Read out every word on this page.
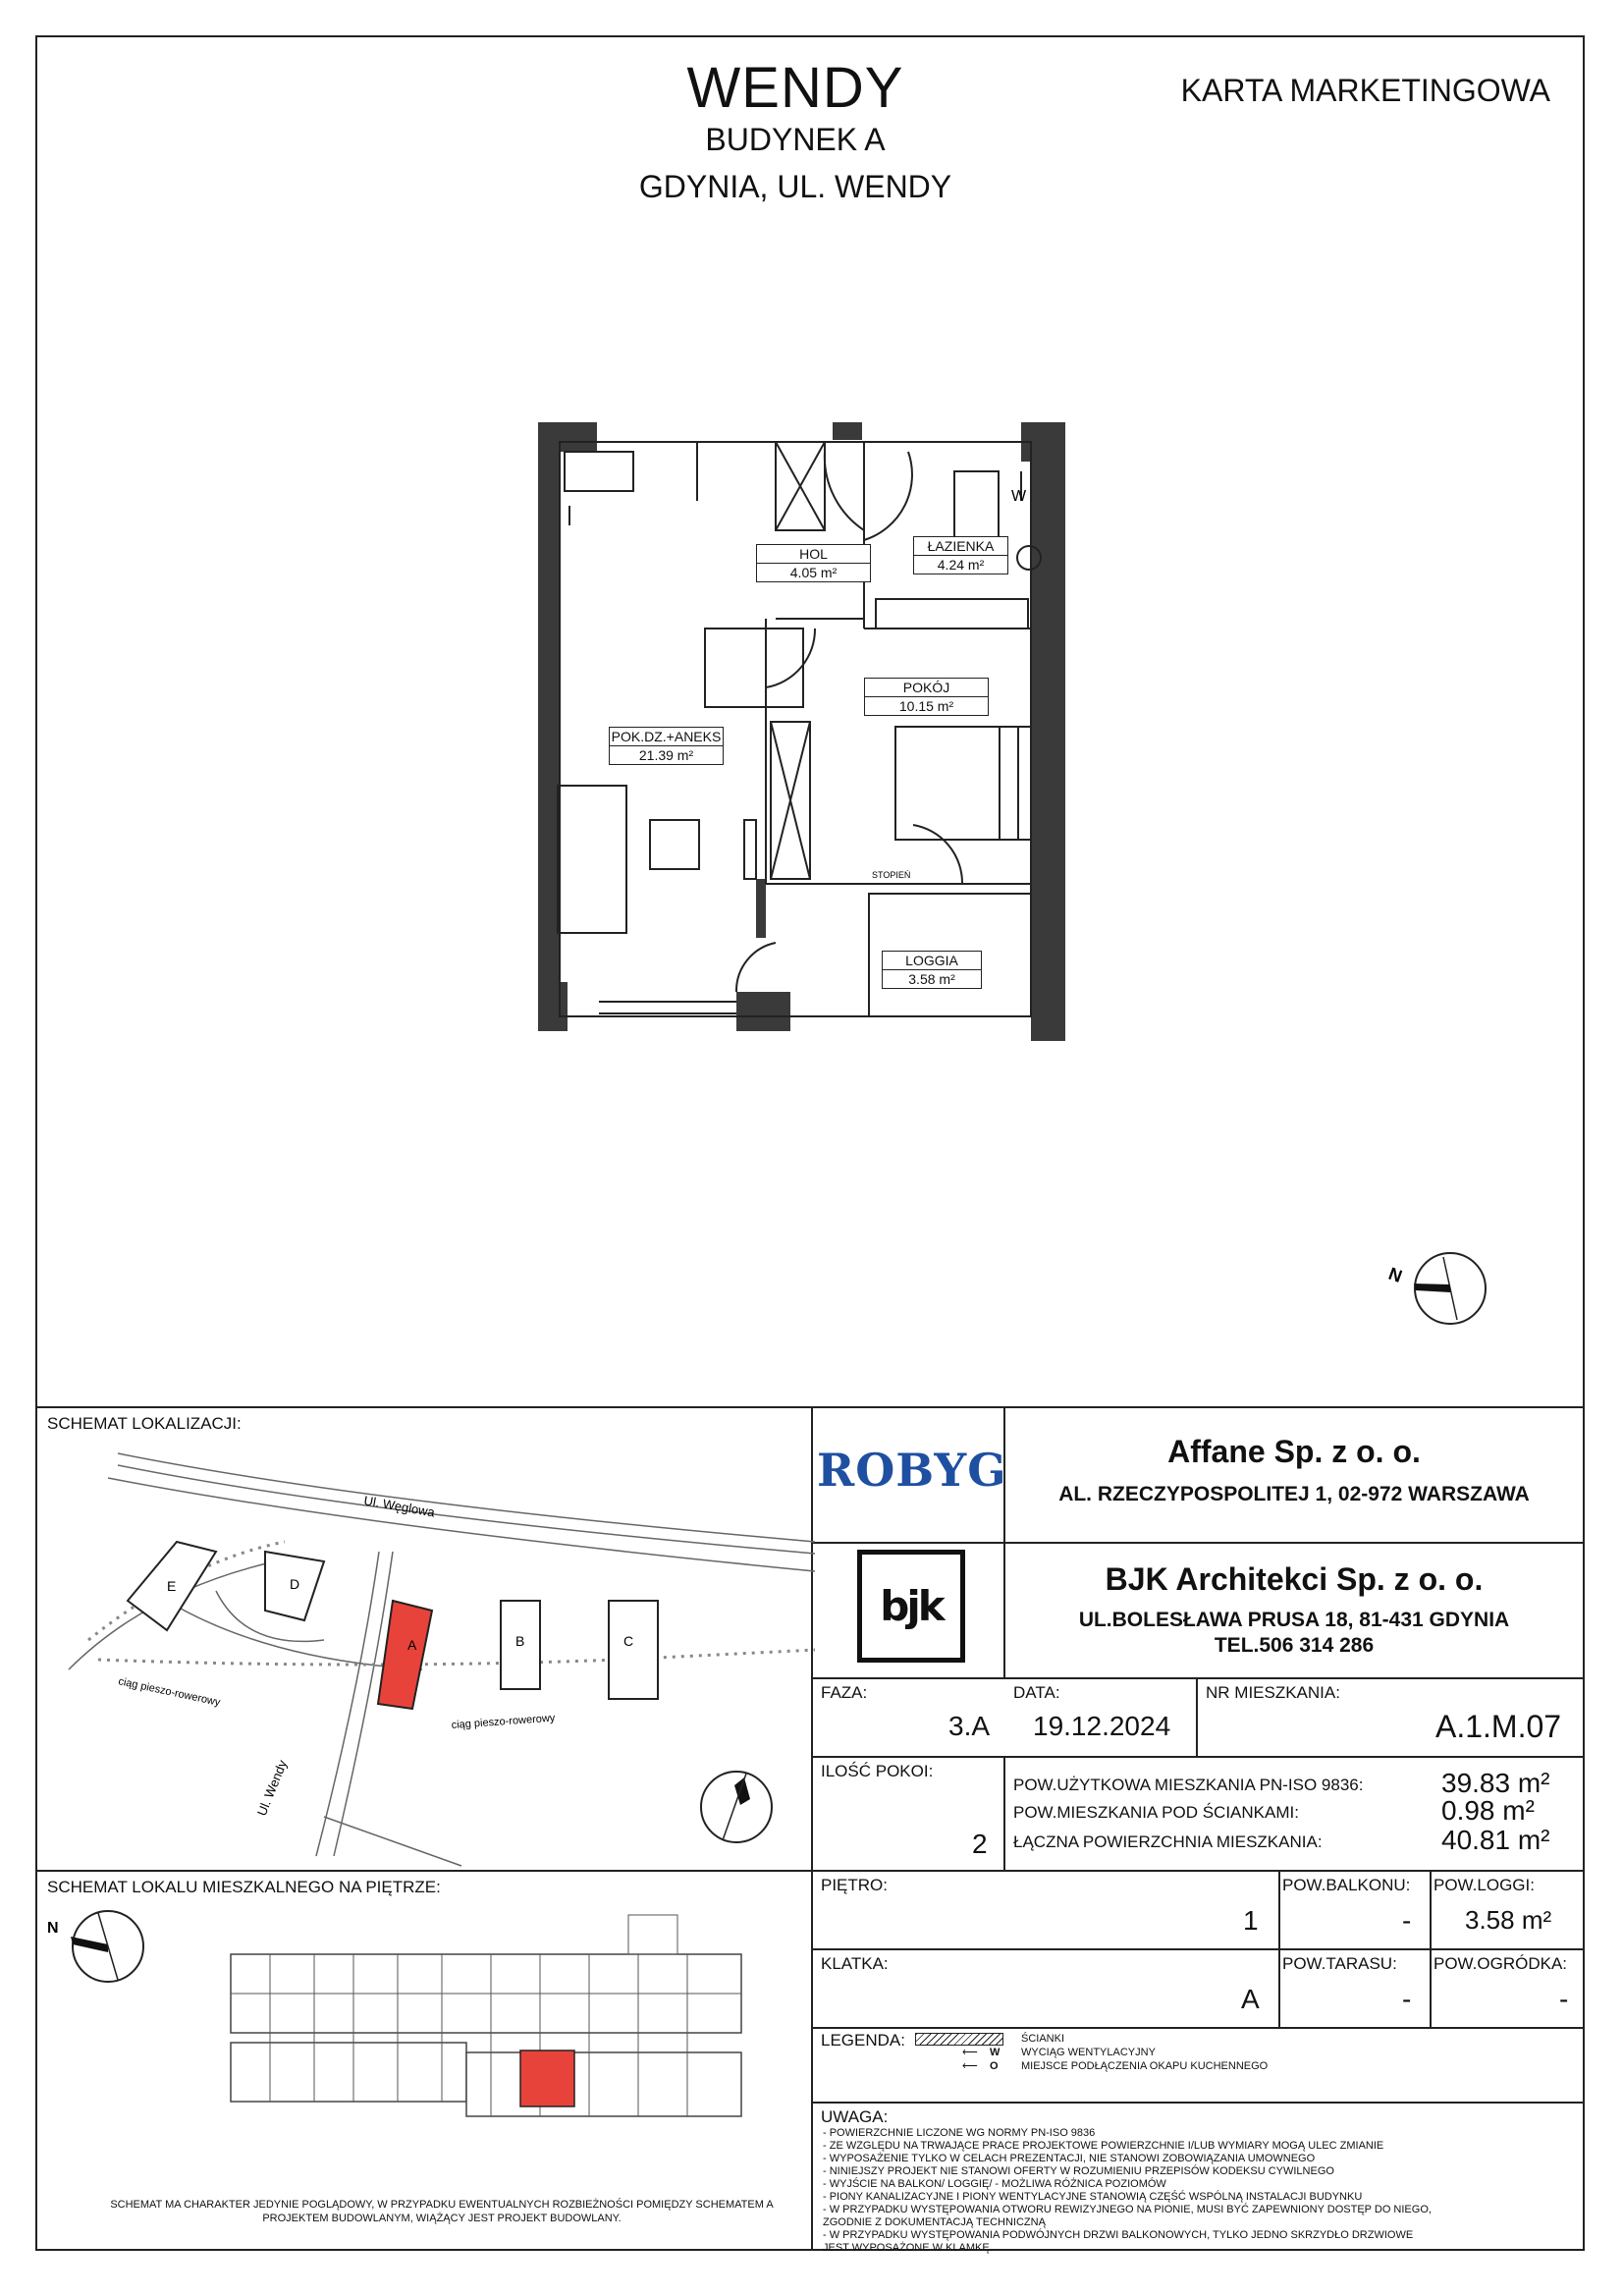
WENDY
BUDYNEK A
GDYNIA, UL. WENDY
KARTA MARKETINGOWA
W
STOPIEŃ
HOL
4.05 m²
ŁAZIENKA
4.24 m²
POKÓJ
10.15 m²
POK.DZ.+ANEKS
21.39 m²
LOGGIA
3.58 m²
N
SCHEMAT LOKALIZACJI:
E	D
A	B	C
Ul. Węglowa
Ul. Wendy
ciąg pieszo-rowerowy
ciąg pieszo-rowerowy
SCHEMAT LOKALU MIESZKALNEGO NA PIĘTRZE:
N
SCHEMAT MA CHARAKTER JEDYNIE POGLĄDOWY, W PRZYPADKU EWENTUALNYCH ROZBIEŻNOŚCI POMIĘDZY SCHEMATEM A PROJEKTEM BUDOWLANYM, WIĄŻĄCY JEST PROJEKT BUDOWLANY.
ROBYG	Affane Sp. z o. o.
AL. RZECZYPOSPOLITEJ 1, 02-972 WARSZAWA
bjk
BJK Architekci Sp. z o. o.
UL.BOLESŁAWA PRUSA 18, 81-431 GDYNIA
TEL.506 314 286
FAZA:
3.A
DATA:
19.12.2024
NR MIESZKANIA:
A.1.M.07
ILOŚĆ POKOI:
2
POW.UŻYTKOWA MIESZKANIA PN-ISO 9836:	39.83 m²
POW.MIESZKANIA POD ŚCIANKAMI:	0.98 m²
ŁĄCZNA POWIERZCHNIA MIESZKANIA:	40.81 m²
PIĘTRO:
1
POW.BALKONU:
-
POW.LOGGI:
3.58 m²
KLATKA:
A
POW.TARASU:
-
POW.OGRÓDKA:
-
LEGENDA:	ŚCIANKI
⟵ W WYCIĄG WENTYLACYJNY
⟵ O MIEJSCE PODŁĄCZENIA OKAPU KUCHENNEGO
UWAGA:
- POWIERZCHNIE LICZONE WG NORMY PN-ISO 9836
- ZE WZGLĘDU NA TRWAJĄCE PRACE PROJEKTOWE POWIERZCHNIE I/LUB WYMIARY MOGĄ ULEC ZMIANIE
- WYPOSAŻENIE TYLKO W CELACH PREZENTACJI, NIE STANOWI ZOBOWIĄZANIA UMOWNEGO
- NINIEJSZY PROJEKT NIE STANOWI OFERTY W ROZUMIENIU PRZEPISÓW KODEKSU CYWILNEGO
- WYJŚCIE NA BALKON/ LOGGIĘ/ - MOŻLIWA RÓŻNICA POZIOMÓW
- PIONY KANALIZACYJNE I PIONY WENTYLACYJNE STANOWIĄ CZĘŚĆ WSPÓLNĄ INSTALACJI BUDYNKU
- W PRZYPADKU WYSTĘPOWANIA OTWORU REWIZYJNEGO NA PIONIE, MUSI BYĆ ZAPEWNIONY DOSTĘP DO NIEGO, ZGODNIE Z DOKUMENTACJĄ TECHNICZNĄ
- W PRZYPADKU WYSTĘPOWANIA PODWÓJNYCH DRZWI BALKONOWYCH, TYLKO JEDNO SKRZYDŁO DRZWIOWE JEST WYPOSAŻONE W KLAMKĘ
